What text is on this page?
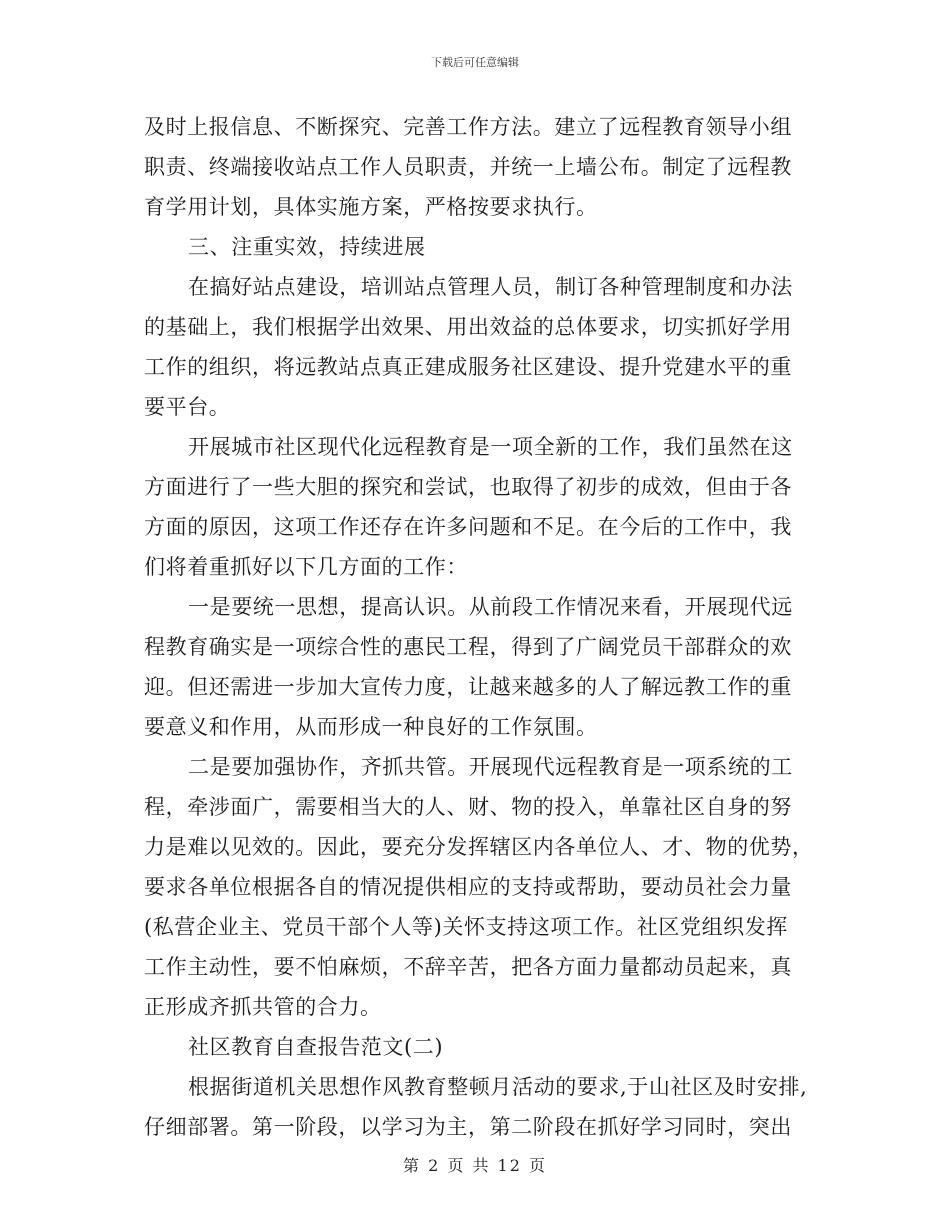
下载后可任意编辑
及时上报信息、不断探究、完善工作方法。建立了远程教育领导小组
职责、终端接收站点工作人员职责，并统一上墙公布。制定了远程教
育学用计划，具体实施方案，严格按要求执行。
三、注重实效，持续进展
在搞好站点建设，培训站点管理人员，制订各种管理制度和办法
的基础上，我们根据学出效果、用出效益的总体要求，切实抓好学用
工作的组织，将远教站点真正建成服务社区建设、提升党建水平的重
要平台。
开展城市社区现代化远程教育是一项全新的工作，我们虽然在这
方面进行了一些大胆的探究和尝试，也取得了初步的成效，但由于各
方面的原因，这项工作还存在许多问题和不足。在今后的工作中，我
们将着重抓好以下几方面的工作：
一是要统一思想，提高认识。从前段工作情况来看，开展现代远
程教育确实是一项综合性的惠民工程，得到了广阔党员干部群众的欢
迎。但还需进一步加大宣传力度，让越来越多的人了解远教工作的重
要意义和作用，从而形成一种良好的工作氛围。
二是要加强协作，齐抓共管。开展现代远程教育是一项系统的工
程，牵涉面广，需要相当大的人、财、物的投入，单靠社区自身的努
力是难以见效的。因此，要充分发挥辖区内各单位人、才、物的优势，
要求各单位根据各自的情况提供相应的支持或帮助，要动员社会力量
(私营企业主、党员干部个人等)关怀支持这项工作。社区党组织发挥
工作主动性，要不怕麻烦，不辞辛苦，把各方面力量都动员起来，真
正形成齐抓共管的合力。
社区教育自查报告范文(二)
根据街道机关思想作风教育整顿月活动的要求,于山社区及时安排,
仔细部署。第一阶段，以学习为主，第二阶段在抓好学习同时，突出
第 2 页 共 12 页
